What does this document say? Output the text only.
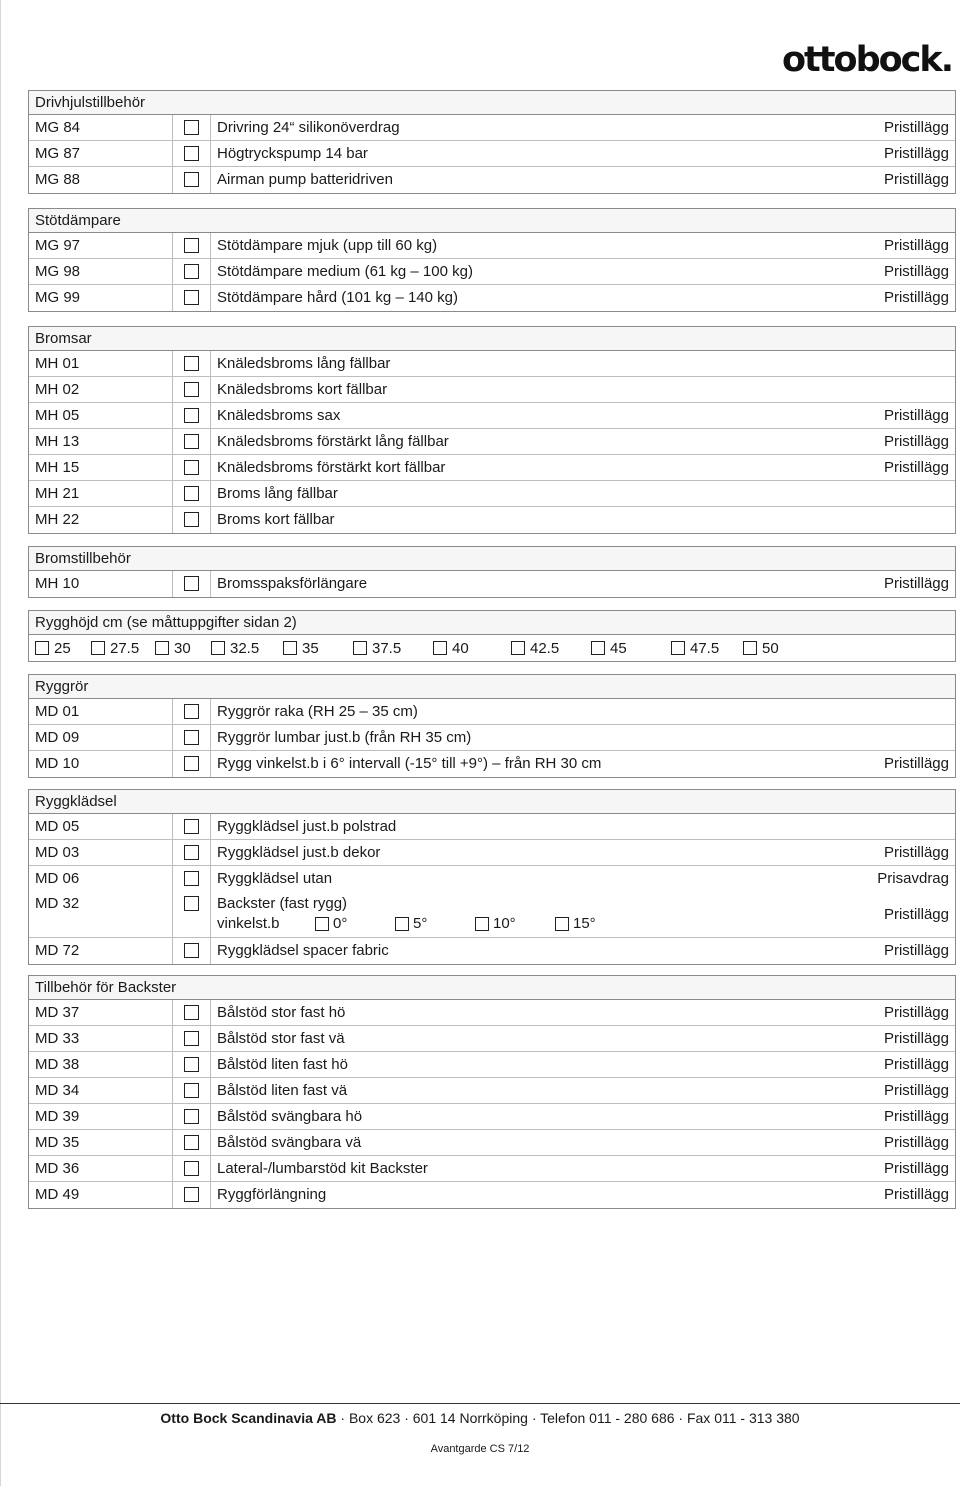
ottobock.
Drivhjulstillbehör
MG 84	Drivring 24“ silikonöverdrag	Pristillägg
MG 87	Högtryckspump 14 bar	Pristillägg
MG 88	Airman pump batteridriven	Pristillägg
Stötdämpare
MG 97	Stötdämpare mjuk (upp till 60 kg)	Pristillägg
MG 98	Stötdämpare medium (61 kg – 100 kg)	Pristillägg
MG 99	Stötdämpare hård (101 kg – 140 kg)	Pristillägg
Bromsar
MH 01	Knäledsbroms lång fällbar
MH 02	Knäledsbroms kort fällbar
MH 05	Knäledsbroms sax	Pristillägg
MH 13	Knäledsbroms förstärkt lång fällbar	Pristillägg
MH 15	Knäledsbroms förstärkt kort fällbar	Pristillägg
MH 21	Broms lång fällbar
MH 22	Broms kort fällbar
Bromstillbehör
MH 10	Bromsspaksförlängare	Pristillägg
Rygghöjd cm (se måttuppgifter sidan 2)
25	27.5 30	32.5	35	37.5	40	42.5	45	47.5	50
Ryggrör
MD 01	Ryggrör raka (RH 25 – 35 cm)
MD 09	Ryggrör lumbar just.b (från RH 35 cm)
MD 10	Rygg vinkelst.b i 6° intervall (-15° till +9°) – från RH 30 cm	Pristillägg
Ryggklädsel
MD 05	Ryggklädsel just.b polstrad
MD 03	Ryggklädsel just.b dekor	Pristillägg
MD 06	Ryggklädsel utan	Prisavdrag
MD 32	Backster (fast rygg)
vinkelst.b	0°	5°	10°	15°
Pristillägg
MD 72	Ryggklädsel spacer fabric	Pristillägg
Tillbehör för Backster
MD 37	Bålstöd stor fast hö	Pristillägg
MD 33	Bålstöd stor fast vä	Pristillägg
MD 38	Bålstöd liten fast hö	Pristillägg
MD 34	Bålstöd liten fast vä	Pristillägg
MD 39	Bålstöd svängbara hö	Pristillägg
MD 35	Bålstöd svängbara vä	Pristillägg
MD 36	Lateral-/lumbarstöd kit Backster	Pristillägg
MD 49	Ryggförlängning	Pristillägg
Otto Bock Scandinavia AB · Box 623 · 601 14 Norrköping · Telefon 011 - 280 686 · Fax 011 - 313 380
Avantgarde CS 7/12
